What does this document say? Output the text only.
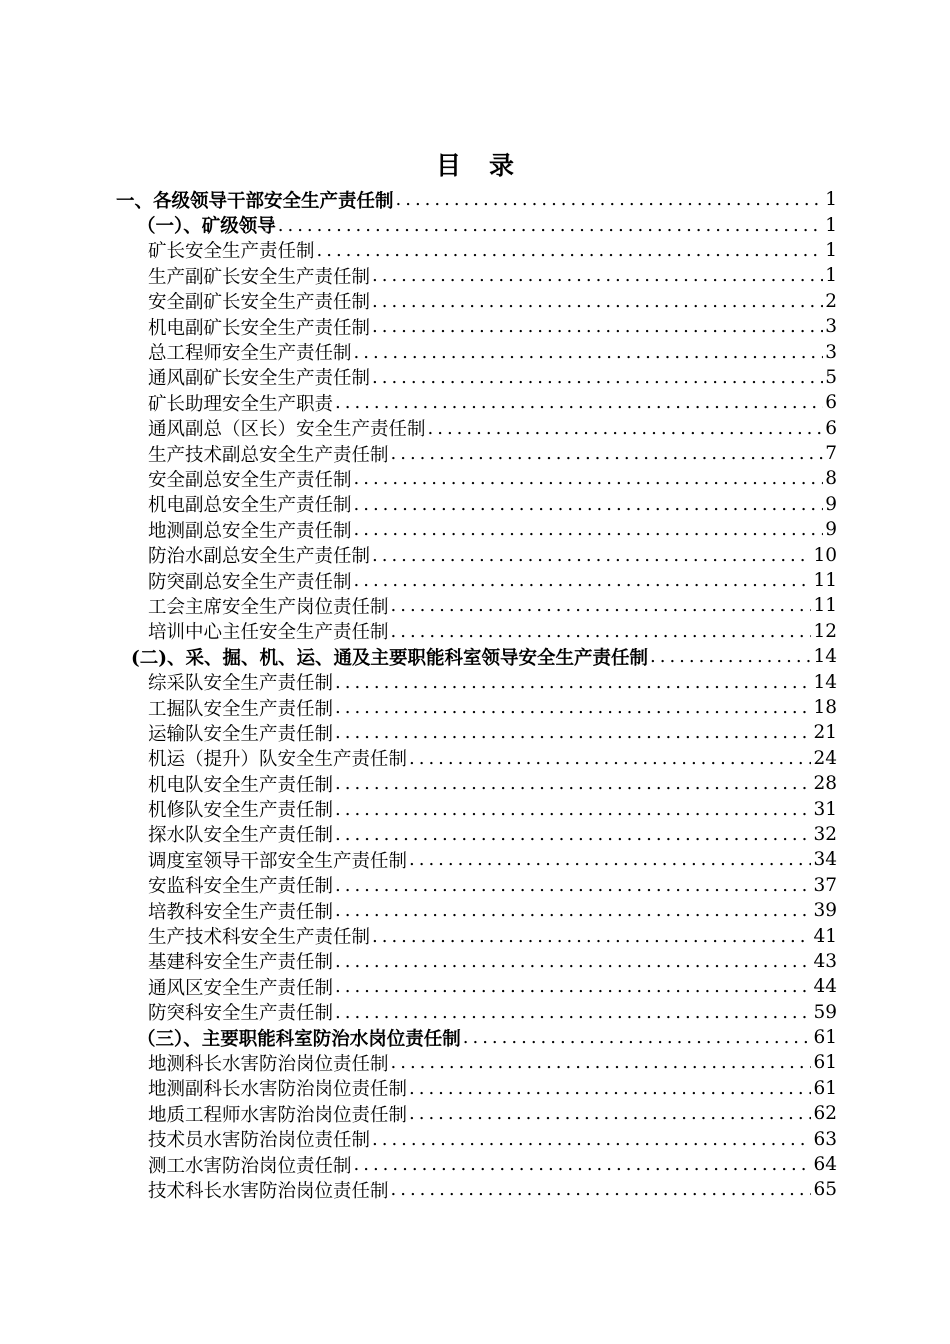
目 录
一、各级领导干部安全生产责任制 .....	1
（一）、矿级领导 .....	1
矿长安全生产责任制 .....	1
生产副矿长安全生产责任制 .....	1
安全副矿长安全生产责任制 .....	2
机电副矿长安全生产责任制 .....	3
总工程师安全生产责任制 .....	3
通风副矿长安全生产责任制 .....	5
矿长助理安全生产职责 .....	6
通风副总（区长）安全生产责任制 .....	6
生产技术副总安全生产责任制 .....	7
安全副总安全生产责任制 .....	8
机电副总安全生产责任制 .....	9
地测副总安全生产责任制 .....	9
防治水副总安全生产责任制 .....	10
防突副总安全生产责任制 .....	11
工会主席安全生产岗位责任制 .....	11
培训中心主任安全生产责任制 .....	12
(二)、采、掘、机、运、通及主要职能科室领导安全生产责任制 .....	14
综采队安全生产责任制 .....	14
工掘队安全生产责任制 .....	18
运输队安全生产责任制 .....	21
机运（提升）队安全生产责任制 .....	24
机电队安全生产责任制 .....	28
机修队安全生产责任制 .....	31
探水队安全生产责任制 .....	32
调度室领导干部安全生产责任制 .....	34
安监科安全生产责任制 .....	37
培教科安全生产责任制 .....	39
生产技术科安全生产责任制 .....	41
基建科安全生产责任制 .....	43
通风区安全生产责任制 .....	44
防突科安全生产责任制 .....	59
（三）、主要职能科室防治水岗位责任制 .....	61
地测科长水害防治岗位责任制 .....	61
地测副科长水害防治岗位责任制 .....	61
地质工程师水害防治岗位责任制 .....	62
技术员水害防治岗位责任制 .....	63
测工水害防治岗位责任制 .....	64
技术科长水害防治岗位责任制 .....	65
